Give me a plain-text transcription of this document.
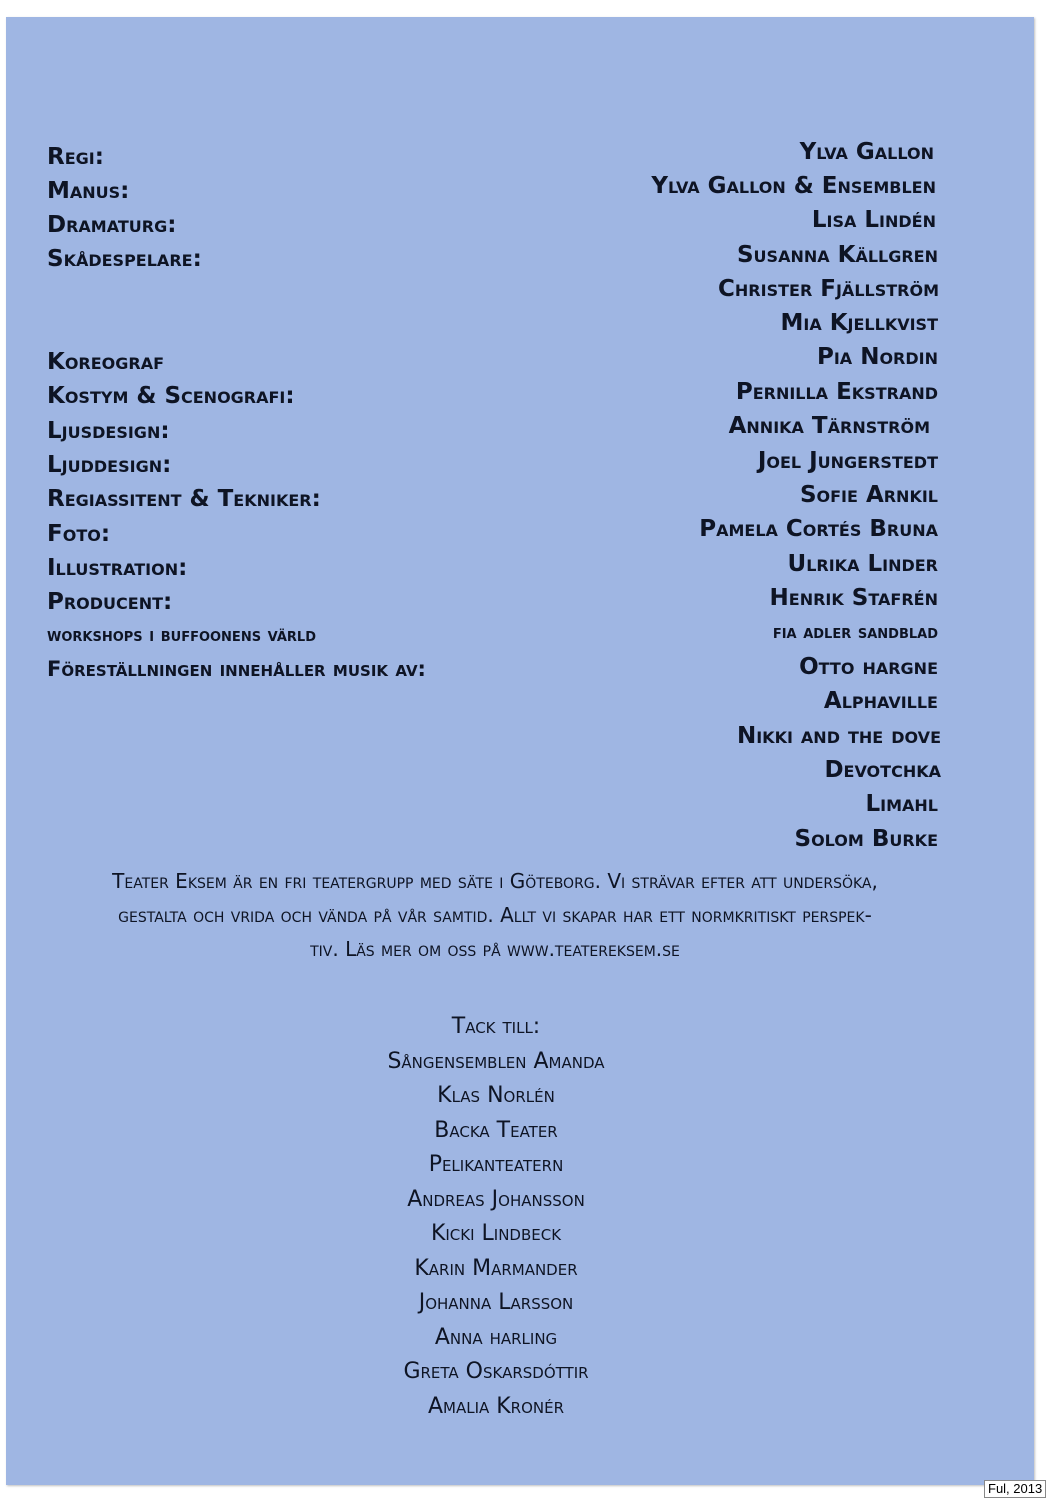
Regi:
Manus:
Dramaturg:
Skådespelare:
Koreograf
Kostym & Scenografi:
Ljusdesign:
Ljuddesign:
Regiassitent & Tekniker:
Foto:
Illustration:
Producent:
workshops i buffoonens värld
Föreställningen innehåller musik av:
Ylva Gallon
Ylva Gallon & Ensemblen
Lisa Lindén
Susanna Källgren
Christer Fjällström
Mia Kjellkvist
Pia Nordin
Pernilla Ekstrand
Annika Tärnström
Joel Jungerstedt
Sofie Arnkil
Pamela Cortés Bruna
Ulrika Linder
Henrik Stafrén
fia adler sandblad
Otto hargne
Alphaville
Nikki and the dove
Devotchka
Limahl
Solom Burke
Teater Eksem är en fri teatergrupp med säte i Göteborg. Vi strävar efter att undersöka,
gestalta och vrida och vända på vår samtid. Allt vi skapar har ett normkritiskt perspek-
tiv. Läs mer om oss på www.teatereksem.se
Tack till:
Sångensemblen Amanda
Klas Norlén
Backa Teater
Pelikanteatern
Andreas Johansson
Kicki Lindbeck
Karin Marmander
Johanna Larsson
Anna harling
Greta Oskarsdóttir
Amalia Kronér
Ful, 2013
